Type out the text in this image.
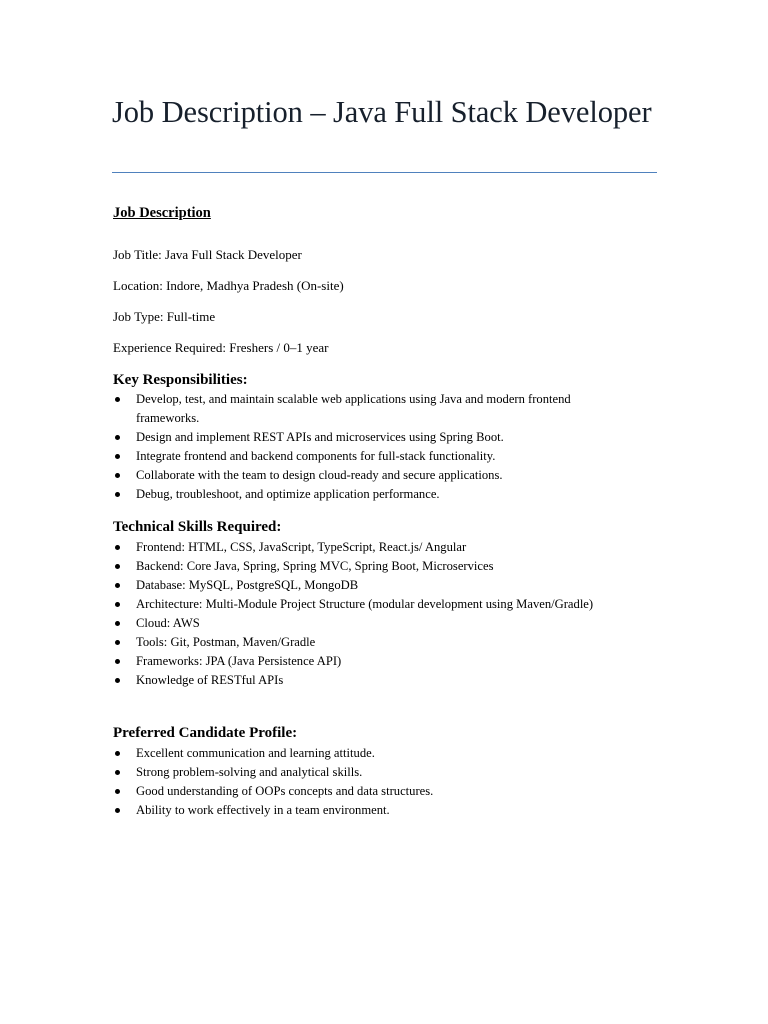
Job Description – Java Full Stack Developer

Job Description

Job Title: Java Full Stack Developer

Location: Indore, Madhya Pradesh (On-site)

Job Type: Full-time

Experience Required: Freshers / 0–1 year

Key Responsibilities:

Develop, test, and maintain scalable web applications using Java and modern frontend frameworks.
Design and implement REST APIs and microservices using Spring Boot.
Integrate frontend and backend components for full-stack functionality.
Collaborate with the team to design cloud-ready and secure applications.
Debug, troubleshoot, and optimize application performance.

Technical Skills Required:

Frontend: HTML, CSS, JavaScript, TypeScript, React.js/ Angular
Backend: Core Java, Spring, Spring MVC, Spring Boot, Microservices
Database: MySQL, PostgreSQL, MongoDB
Architecture: Multi-Module Project Structure (modular development using Maven/Gradle)
Cloud: AWS
Tools: Git, Postman, Maven/Gradle
Frameworks: JPA (Java Persistence API)
Knowledge of RESTful APIs

Preferred Candidate Profile:

Excellent communication and learning attitude.
Strong problem-solving and analytical skills.
Good understanding of OOPs concepts and data structures.
Ability to work effectively in a team environment.
